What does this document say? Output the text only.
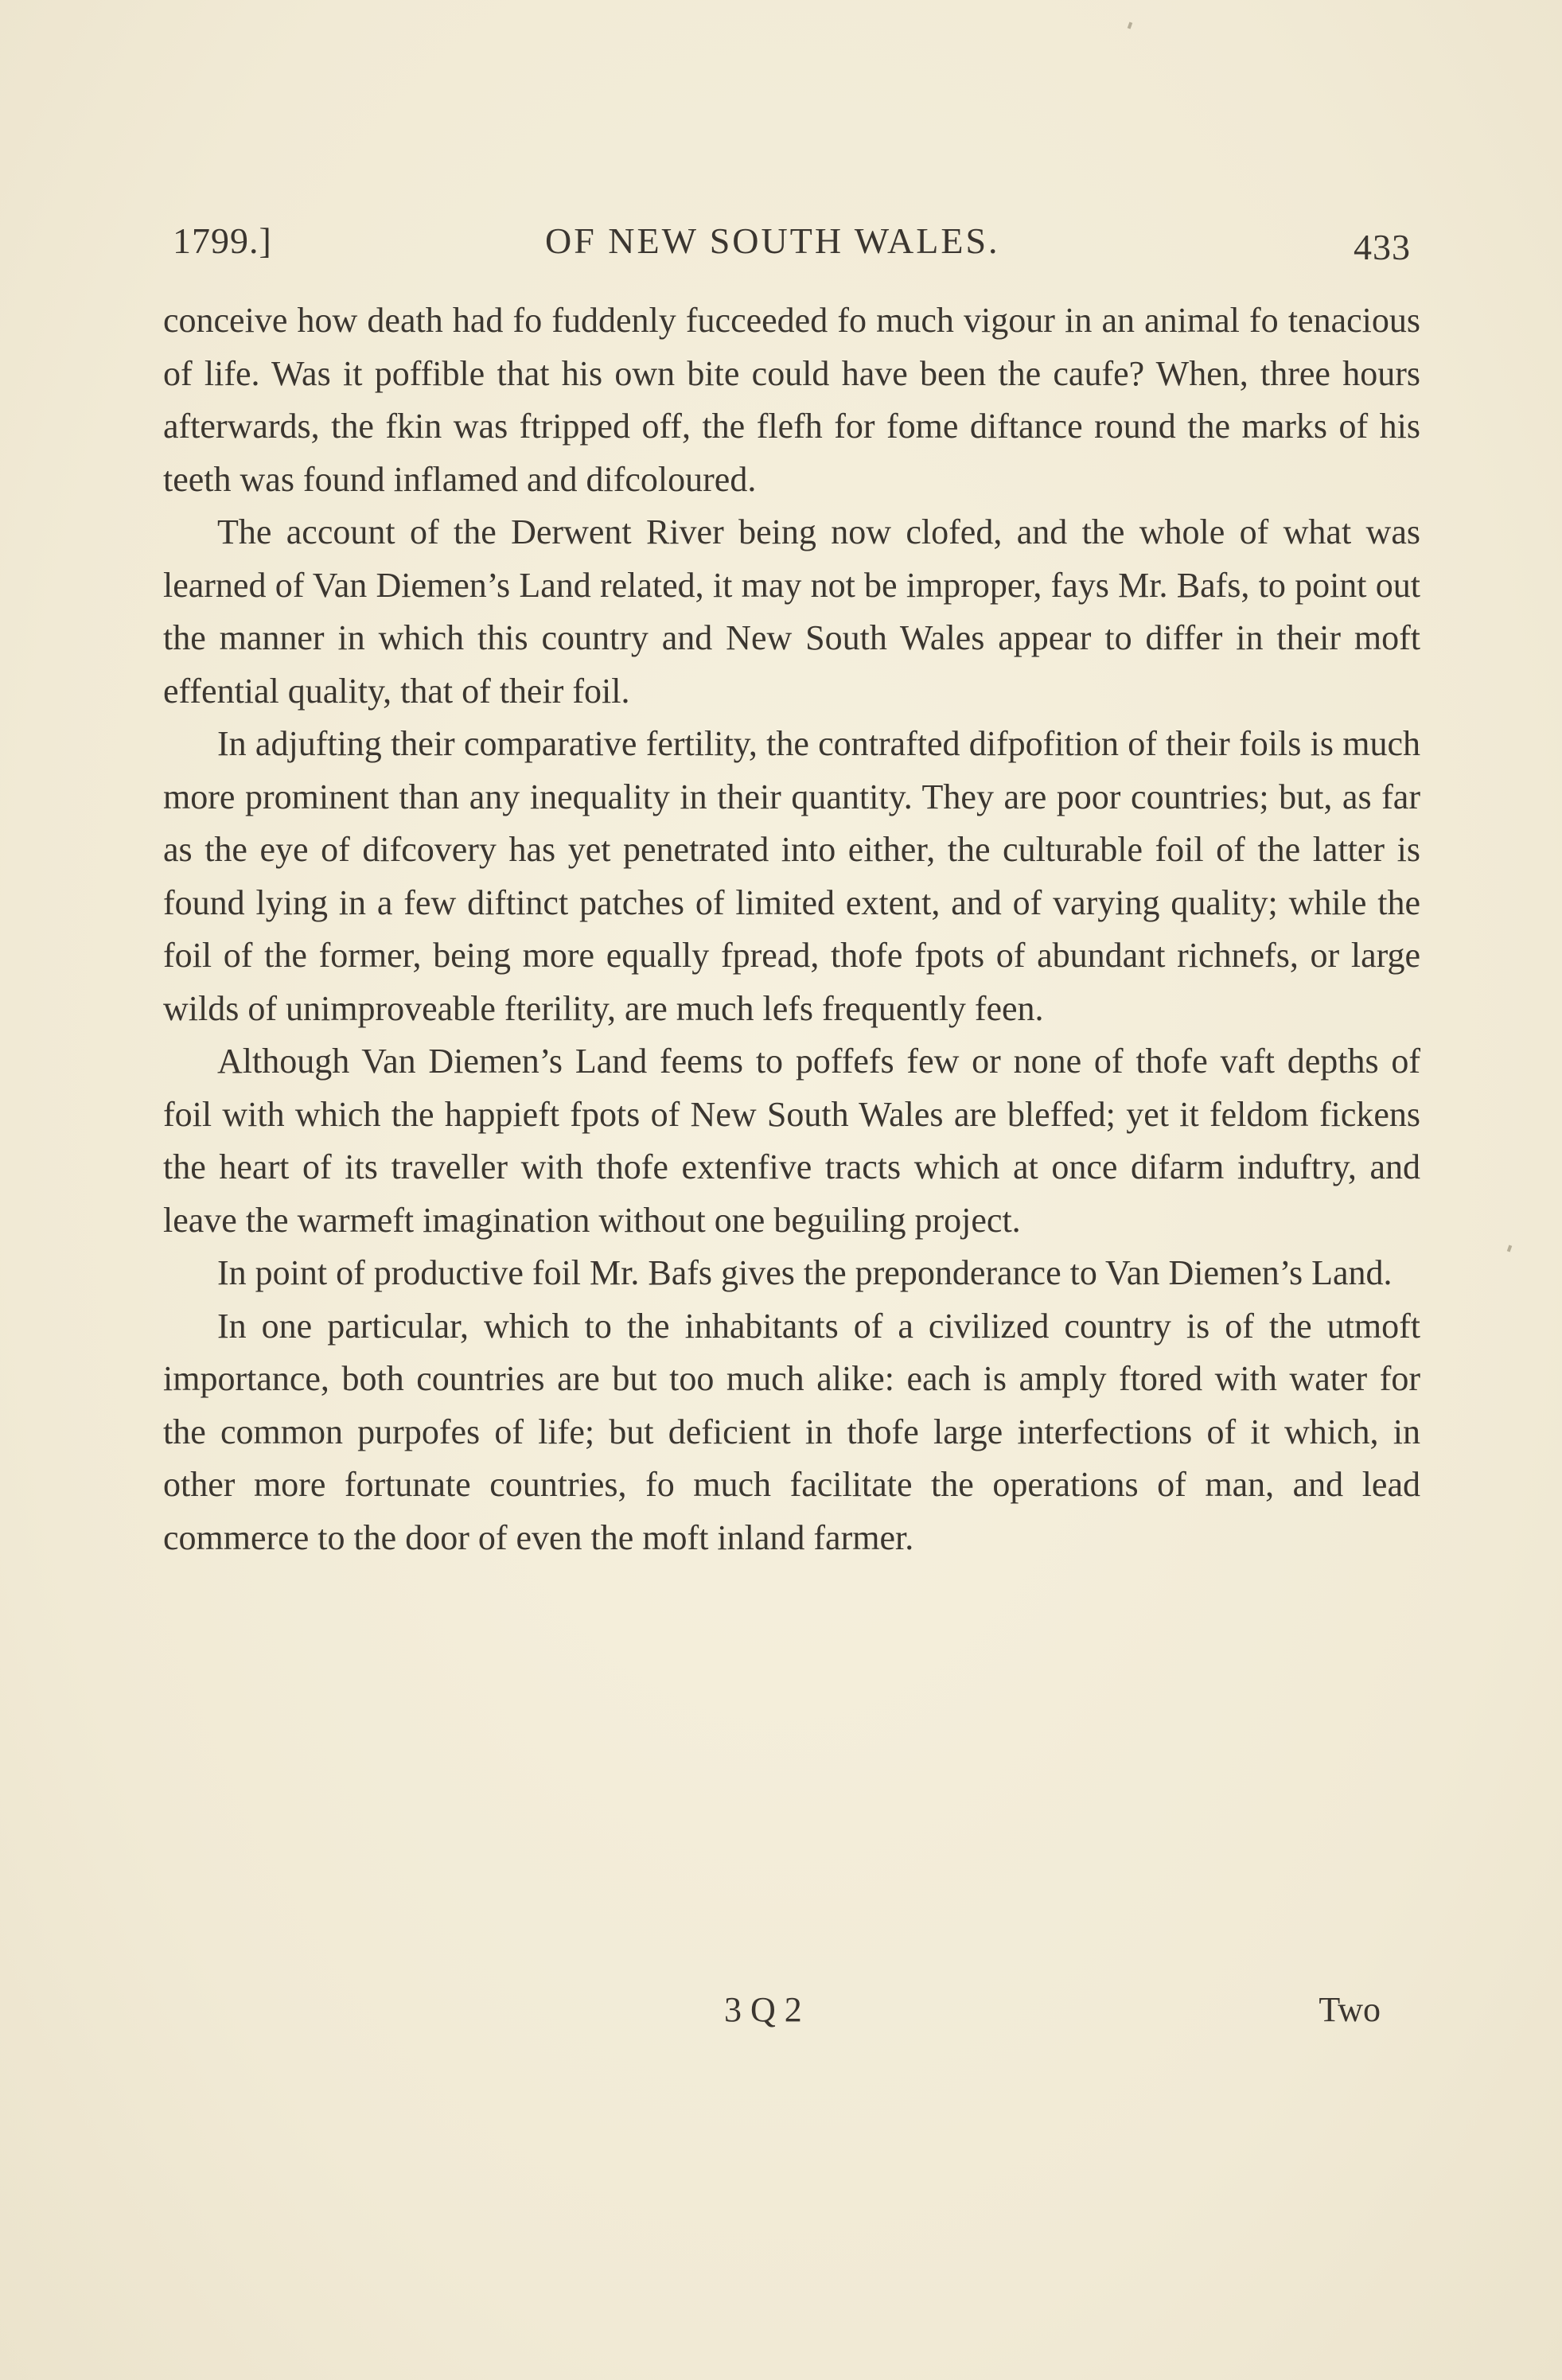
1799.]	OF NEW SOUTH WALES.	433

conceive how death had fo fuddenly fucceeded fo much vigour in an animal fo tenacious of life. Was it poffible that his own bite could have been the caufe? When, three hours afterwards, the fkin was ftripped off, the flefh for fome diftance round the marks of his teeth was found inflamed and difcoloured.

The account of the Derwent River being now clofed, and the whole of what was learned of Van Diemen’s Land related, it may not be improper, fays Mr. Bafs, to point out the manner in which this country and New South Wales appear to differ in their moft effential quality, that of their foil.

In adjufting their comparative fertility, the contrafted difpofition of their foils is much more prominent than any inequality in their quantity. They are poor countries; but, as far as the eye of difcovery has yet penetrated into either, the culturable foil of the latter is found lying in a few diftinct patches of limited extent, and of varying quality; while the foil of the former, being more equally fpread, thofe fpots of abundant richnefs, or large wilds of unimproveable fterility, are much lefs frequently feen.

Although Van Diemen’s Land feems to poffefs few or none of thofe vaft depths of foil with which the happieft fpots of New South Wales are bleffed; yet it feldom fickens the heart of its traveller with thofe extenfive tracts which at once difarm induftry, and leave the warmeft imagination without one beguiling project.

In point of productive foil Mr. Bafs gives the preponderance to Van Diemen’s Land.

In one particular, which to the inhabitants of a civilized country is of the utmoft importance, both countries are but too much alike: each is amply ftored with water for the common purpofes of life; but deficient in thofe large interfections of it which, in other more fortunate countries, fo much facilitate the operations of man, and lead commerce to the door of even the moft inland farmer.

3 Q 2	Two
